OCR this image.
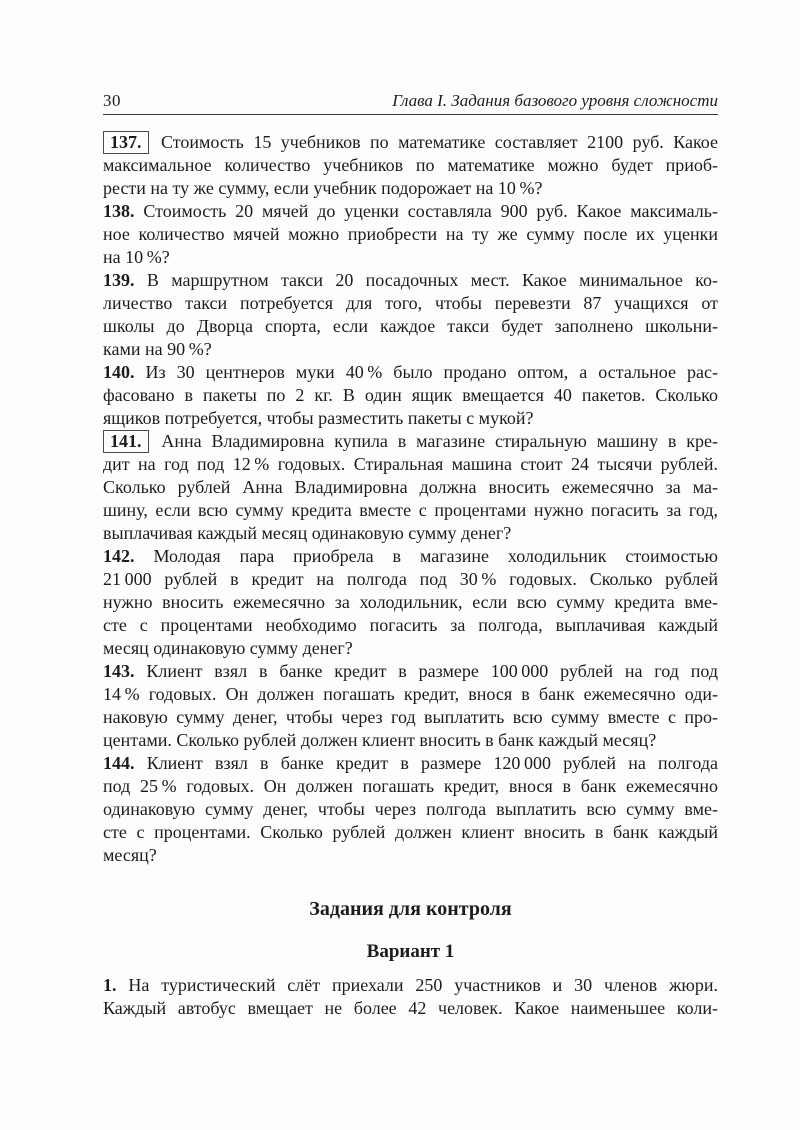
30	Глава I. Задания базового уровня сложности
137. Стоимость 15 учебников по математике составляет 2100 руб. Какое
максимальное количество учебников по математике можно будет приоб-
рести на ту же сумму, если учебник подорожает на 10 %?
138. Стоимость 20 мячей до уценки составляла 900 руб. Какое максималь-
ное количество мячей можно приобрести на ту же сумму после их уценки
на 10 %?
139. В маршрутном такси 20 посадочных мест. Какое минимальное ко-
личество такси потребуется для того, чтобы перевезти 87 учащихся от
школы до Дворца спорта, если каждое такси будет заполнено школьни-
ками на 90 %?
140. Из 30 центнеров муки 40 % было продано оптом, а остальное рас-
фасовано в пакеты по 2 кг. В один ящик вмещается 40 пакетов. Сколько
ящиков потребуется, чтобы разместить пакеты с мукой?
141. Анна Владимировна купила в магазине стиральную машину в кре-
дит на год под 12 % годовых. Стиральная машина стоит 24 тысячи рублей.
Сколько рублей Анна Владимировна должна вносить ежемесячно за ма-
шину, если всю сумму кредита вместе с процентами нужно погасить за год,
выплачивая каждый месяц одинаковую сумму денег?
142. Молодая пара приобрела в магазине холодильник стоимостью
21 000 рублей в кредит на полгода под 30 % годовых. Сколько рублей
нужно вносить ежемесячно за холодильник, если всю сумму кредита вме-
сте с процентами необходимо погасить за полгода, выплачивая каждый
месяц одинаковую сумму денег?
143. Клиент взял в банке кредит в размере 100 000 рублей на год под
14 % годовых. Он должен погашать кредит, внося в банк ежемесячно оди-
наковую сумму денег, чтобы через год выплатить всю сумму вместе с про-
центами. Сколько рублей должен клиент вносить в банк каждый месяц?
144. Клиент взял в банке кредит в размере 120 000 рублей на полгода
под 25 % годовых. Он должен погашать кредит, внося в банк ежемесячно
одинаковую сумму денег, чтобы через полгода выплатить всю сумму вме-
сте с процентами. Сколько рублей должен клиент вносить в банк каждый
месяц?
Задания для контроля
Вариант 1
1. На туристический слёт приехали 250 участников и 30 членов жюри.
Каждый автобус вмещает не более 42 человек. Какое наименьшее коли-
